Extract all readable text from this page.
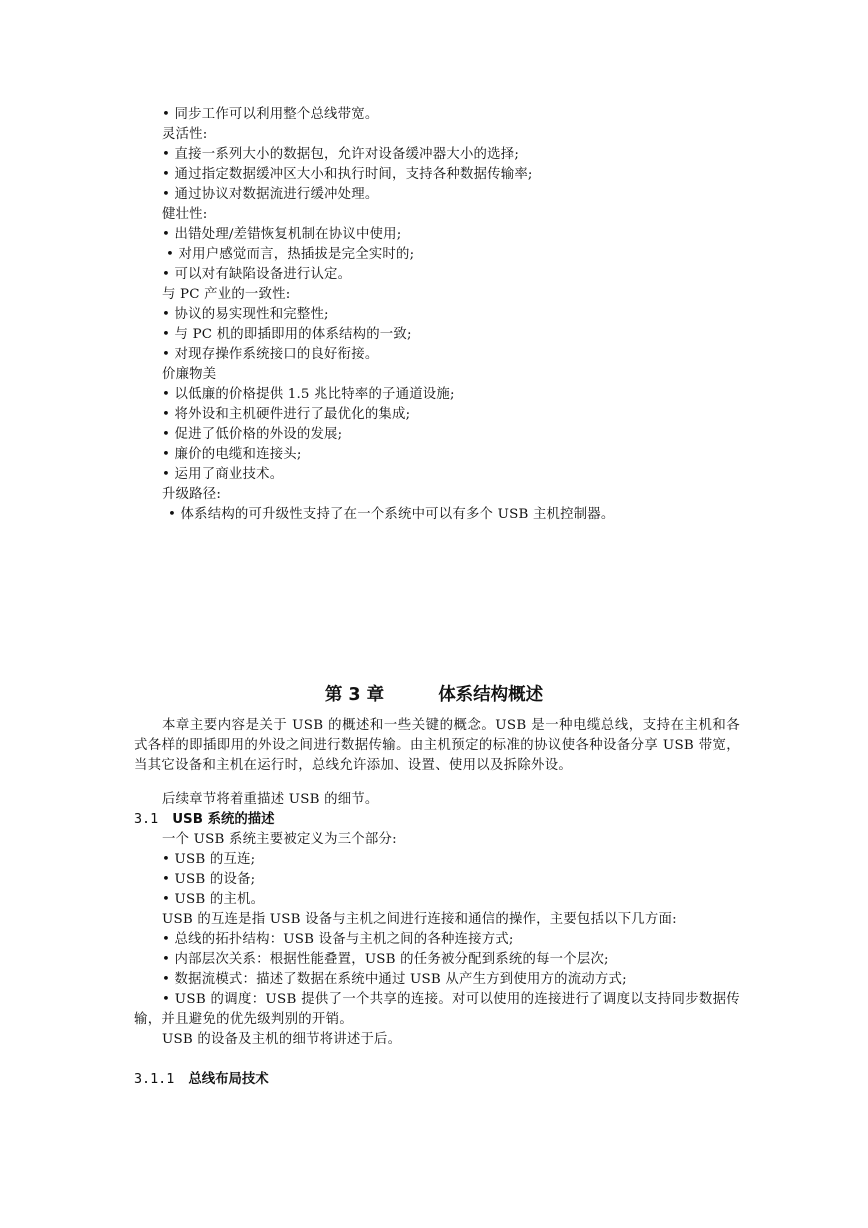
• 同步工作可以利用整个总线带宽。
灵活性:
• 直接一系列大小的数据包，允许对设备缓冲器大小的选择;
• 通过指定数据缓冲区大小和执行时间，支持各种数据传输率;
• 通过协议对数据流进行缓冲处理。
健壮性:
• 出错处理/差错恢复机制在协议中使用;
• 对用户感觉而言，热插拔是完全实时的;
• 可以对有缺陷设备进行认定。
与 PC 产业的一致性:
• 协议的易实现性和完整性;
• 与 PC 机的即插即用的体系结构的一致;
• 对现存操作系统接口的良好衔接。
价廉物美
• 以低廉的价格提供 1.5 兆比特率的子通道设施;
• 将外设和主机硬件进行了最优化的集成;
• 促进了低价格的外设的发展;
• 廉价的电缆和连接头;
• 运用了商业技术。
升级路径:
• 体系结构的可升级性支持了在一个系统中可以有多个 USB 主机控制器。
第 3 章	体系结构概述
本章主要内容是关于 USB 的概述和一些关键的概念。USB 是一种电缆总线，支持在主机和各式各样的即插即用的外设之间进行数据传输。由主机预定的标准的协议使各种设备分享 USB 带宽，当其它设备和主机在运行时，总线允许添加、设置、使用以及拆除外设。
后续章节将着重描述 USB 的细节。
3.1 USB 系统的描述
一个 USB 系统主要被定义为三个部分:
• USB 的互连;
• USB 的设备;
• USB 的主机。
USB 的互连是指 USB 设备与主机之间进行连接和通信的操作，主要包括以下几方面:
• 总线的拓扑结构：USB 设备与主机之间的各种连接方式;
• 内部层次关系：根据性能叠置，USB 的任务被分配到系统的每一个层次;
• 数据流模式：描述了数据在系统中通过 USB 从产生方到使用方的流动方式;
• USB 的调度：USB 提供了一个共享的连接。对可以使用的连接进行了调度以支持同步数据传输，并且避免的优先级判别的开销。
USB 的设备及主机的细节将讲述于后。
3.1.1 总线布局技术
